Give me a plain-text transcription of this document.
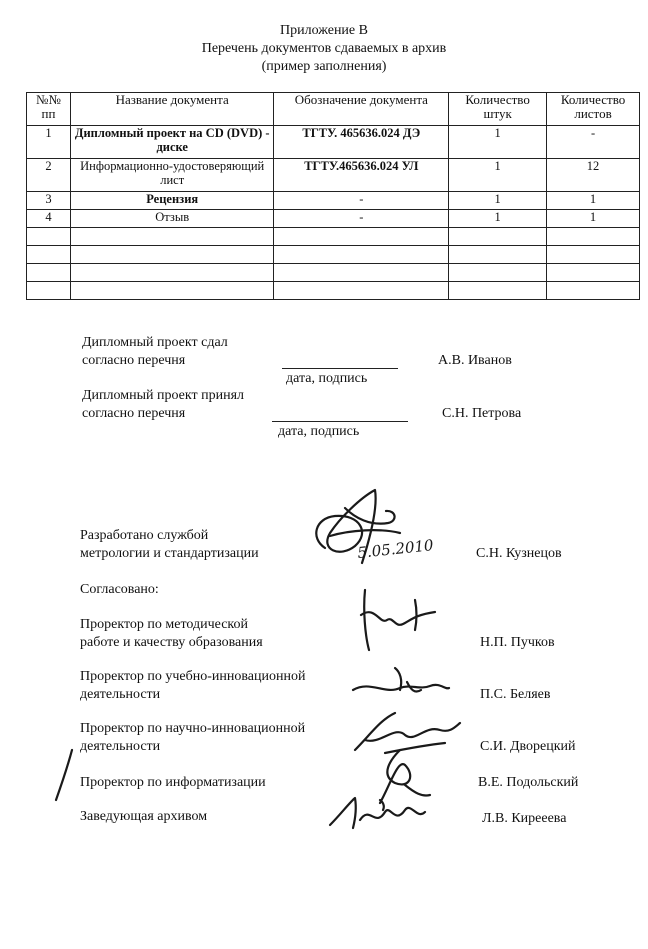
Приложение В
Перечень документов сдаваемых в архив
(пример заполнения)
№№ пп	Название документа	Обозначение документа	Количество штук	Количество листов
1	Дипломный проект на CD (DVD) - диске	ТГТУ. 465636.024 ДЭ	1	-
2	Информационно-удостоверяющий лист	ТГТУ.465636.024 УЛ	1	12
3	Рецензия	-	1	1
4	Отзыв	-	1	1

Дипломный проект сдал
согласно перечня
дата, подпись
А.В. Иванов
Дипломный проект принял
согласно перечня
дата, подпись
С.Н. Петрова
Разработано службой
метрологии и стандартизации	С.Н. Кузнецов
Согласовано:
Проректор по методической
работе и качеству образования	Н.П. Пучков
Проректор по учебно-инновационной
деятельности	П.С. Беляев
Проректор по научно-инновационной
деятельности	С.И. Дворецкий
Проректор по информатизации	В.Е. Подольский
Заведующая архивом	Л.В. Киреeева
5.05.2010
